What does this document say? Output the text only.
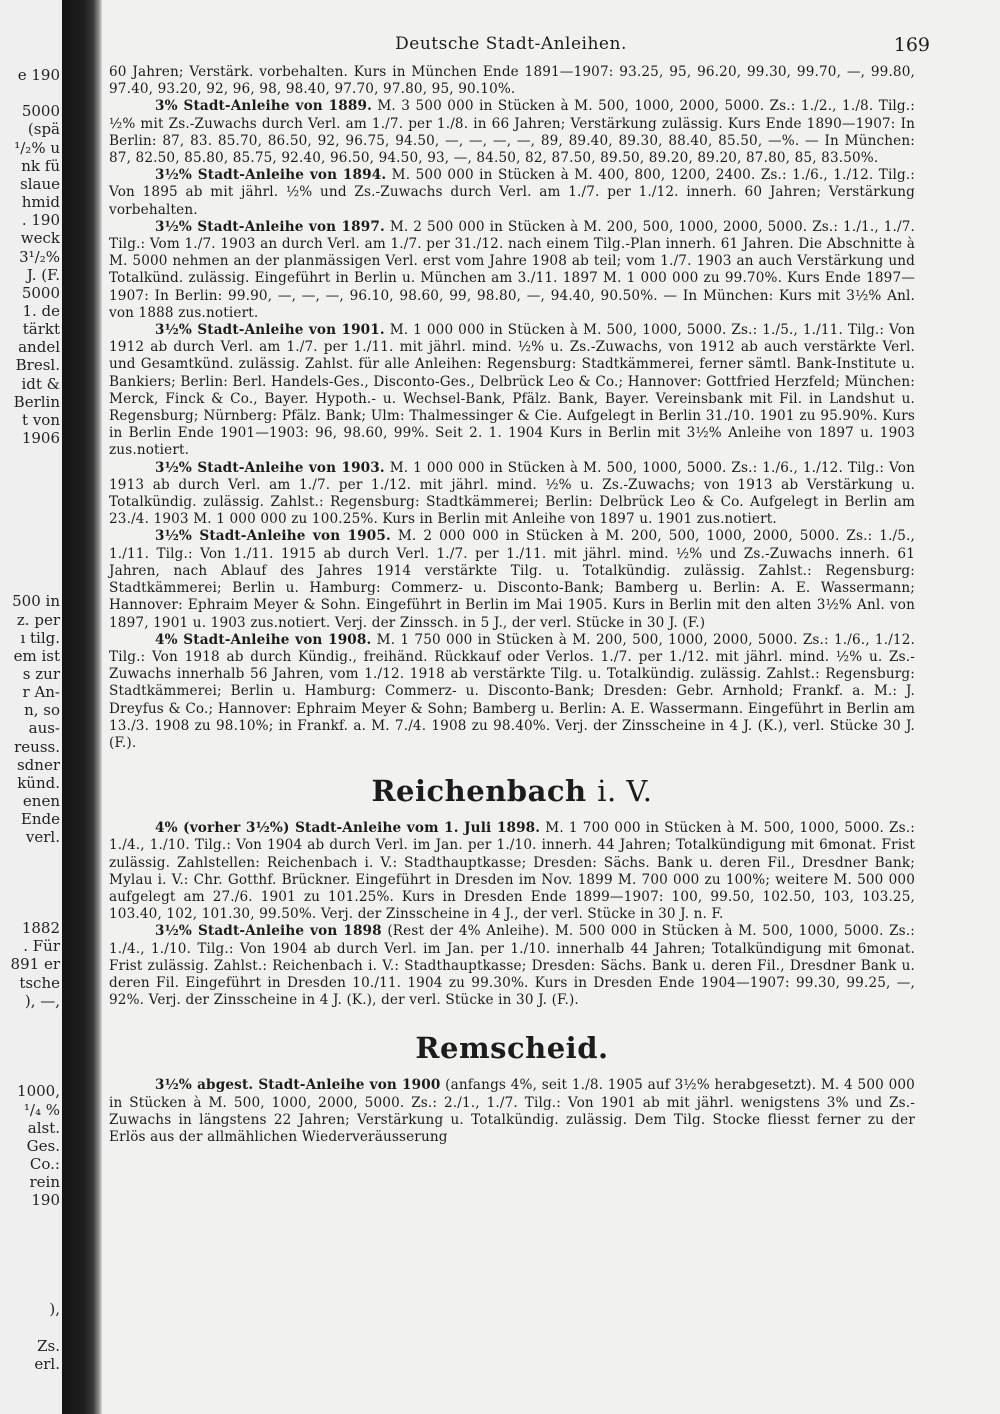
e 190
5000
(spä
¹/₂% u
nk fü
slaue
hmid
. 190
weck
3¹/₂%
J. (F.
5000
1. de
tärkt
andel
Bresl.
idt &
Berlin
t von
1906
500 in
z. per
ı tilg.
em ist
s zur
r An-
n, so
aus-
reuss.
sdner
künd.
enen
Ende
verl.
1882
. Für
891 er
tsche
), —,
1000,
¹/₄ %
alst.
Ges.
Co.:
rein
190
),
Zs.
erl.
Deutsche Stadt-Anleihen.	169

60 Jahren; Verstärk. vorbehalten. Kurs in München Ende 1891—1907: 93.25, 95, 96.20, 99.30, 99.70, —, 99.80, 97.40, 93.20, 92, 96, 98, 98.40, 97.70, 97.80, 95, 90.10%.

3% Stadt-Anleihe von 1889. M. 3 500 000 in Stücken à M. 500, 1000, 2000, 5000. Zs.: 1./2., 1./8. Tilg.: ½% mit Zs.-Zuwachs durch Verl. am 1./7. per 1./8. in 66 Jahren; Verstärkung zulässig. Kurs Ende 1890—1907: In Berlin: 87, 83. 85.70, 86.50, 92, 96.75, 94.50, —, —, —, —, 89, 89.40, 89.30, 88.40, 85.50, —%. — In München: 87, 82.50, 85.80, 85.75, 92.40, 96.50, 94.50, 93, —, 84.50, 82, 87.50, 89.50, 89.20, 89.20, 87.80, 85, 83.50%.

3½% Stadt-Anleihe von 1894. M. 500 000 in Stücken à M. 400, 800, 1200, 2400. Zs.: 1./6., 1./12. Tilg.: Von 1895 ab mit jährl. ½% und Zs.-Zuwachs durch Verl. am 1./7. per 1./12. innerh. 60 Jahren; Verstärkung vorbehalten.

3½% Stadt-Anleihe von 1897. M. 2 500 000 in Stücken à M. 200, 500, 1000, 2000, 5000. Zs.: 1./1., 1./7. Tilg.: Vom 1./7. 1903 an durch Verl. am 1./7. per 31./12. nach einem Tilg.-Plan innerh. 61 Jahren. Die Abschnitte à M. 5000 nehmen an der planmässigen Verl. erst vom Jahre 1908 ab teil; vom 1./7. 1903 an auch Verstärkung und Totalkünd. zulässig. Eingeführt in Berlin u. München am 3./11. 1897 M. 1 000 000 zu 99.70%. Kurs Ende 1897—1907: In Berlin: 99.90, —, —, —, 96.10, 98.60, 99, 98.80, —, 94.40, 90.50%. — In München: Kurs mit 3½% Anl. von 1888 zus.notiert.

3½% Stadt-Anleihe von 1901. M. 1 000 000 in Stücken à M. 500, 1000, 5000. Zs.: 1./5., 1./11. Tilg.: Von 1912 ab durch Verl. am 1./7. per 1./11. mit jährl. mind. ½% u. Zs.-Zuwachs, von 1912 ab auch verstärkte Verl. und Gesamtkünd. zulässig. Zahlst. für alle Anleihen: Regensburg: Stadtkämmerei, ferner sämtl. Bank-Institute u. Bankiers; Berlin: Berl. Handels-Ges., Disconto-Ges., Delbrück Leo & Co.; Hannover: Gottfried Herzfeld; München: Merck, Finck & Co., Bayer. Hypoth.- u. Wechsel-Bank, Pfälz. Bank, Bayer. Vereinsbank mit Fil. in Landshut u. Regensburg; Nürnberg: Pfälz. Bank; Ulm: Thalmessinger & Cie. Aufgelegt in Berlin 31./10. 1901 zu 95.90%. Kurs in Berlin Ende 1901—1903: 96, 98.60, 99%. Seit 2. 1. 1904 Kurs in Berlin mit 3½% Anleihe von 1897 u. 1903 zus.notiert.

3½% Stadt-Anleihe von 1903. M. 1 000 000 in Stücken à M. 500, 1000, 5000. Zs.: 1./6., 1./12. Tilg.: Von 1913 ab durch Verl. am 1./7. per 1./12. mit jährl. mind. ½% u. Zs.-Zuwachs; von 1913 ab Verstärkung u. Totalkündig. zulässig. Zahlst.: Regensburg: Stadtkämmerei; Berlin: Delbrück Leo & Co. Aufgelegt in Berlin am 23./4. 1903 M. 1 000 000 zu 100.25%. Kurs in Berlin mit Anleihe von 1897 u. 1901 zus.notiert.

3½% Stadt-Anleihe von 1905. M. 2 000 000 in Stücken à M. 200, 500, 1000, 2000, 5000. Zs.: 1./5., 1./11. Tilg.: Von 1./11. 1915 ab durch Verl. 1./7. per 1./11. mit jährl. mind. ½% und Zs.-Zuwachs innerh. 61 Jahren, nach Ablauf des Jahres 1914 verstärkte Tilg. u. Totalkündig. zulässig. Zahlst.: Regensburg: Stadtkämmerei; Berlin u. Hamburg: Commerz- u. Disconto-Bank; Bamberg u. Berlin: A. E. Wassermann; Hannover: Ephraim Meyer & Sohn. Eingeführt in Berlin im Mai 1905. Kurs in Berlin mit den alten 3½% Anl. von 1897, 1901 u. 1903 zus.notiert. Verj. der Zinssch. in 5 J., der verl. Stücke in 30 J. (F.)

4% Stadt-Anleihe von 1908. M. 1 750 000 in Stücken à M. 200, 500, 1000, 2000, 5000. Zs.: 1./6., 1./12. Tilg.: Von 1918 ab durch Kündig., freihänd. Rückkauf oder Verlos. 1./7. per 1./12. mit jährl. mind. ½% u. Zs.-Zuwachs innerhalb 56 Jahren, vom 1./12. 1918 ab verstärkte Tilg. u. Totalkündig. zulässig. Zahlst.: Regensburg: Stadtkämmerei; Berlin u. Hamburg: Commerz- u. Disconto-Bank; Dresden: Gebr. Arnhold; Frankf. a. M.: J. Dreyfus & Co.; Hannover: Ephraim Meyer & Sohn; Bamberg u. Berlin: A. E. Wassermann. Eingeführt in Berlin am 13./3. 1908 zu 98.10%; in Frankf. a. M. 7./4. 1908 zu 98.40%. Verj. der Zinsscheine in 4 J. (K.), verl. Stücke 30 J. (F.).

Reichenbach i. V.

4% (vorher 3½%) Stadt-Anleihe vom 1. Juli 1898. M. 1 700 000 in Stücken à M. 500, 1000, 5000. Zs.: 1./4., 1./10. Tilg.: Von 1904 ab durch Verl. im Jan. per 1./10. innerh. 44 Jahren; Totalkündigung mit 6monat. Frist zulässig. Zahlstellen: Reichenbach i. V.: Stadthauptkasse; Dresden: Sächs. Bank u. deren Fil., Dresdner Bank; Mylau i. V.: Chr. Gotthf. Brückner. Eingeführt in Dresden im Nov. 1899 M. 700 000 zu 100%; weitere M. 500 000 aufgelegt am 27./6. 1901 zu 101.25%. Kurs in Dresden Ende 1899—1907: 100, 99.50, 102.50, 103, 103.25, 103.40, 102, 101.30, 99.50%. Verj. der Zinsscheine in 4 J., der verl. Stücke in 30 J. n. F.

3½% Stadt-Anleihe von 1898 (Rest der 4% Anleihe). M. 500 000 in Stücken à M. 500, 1000, 5000. Zs.: 1./4., 1./10. Tilg.: Von 1904 ab durch Verl. im Jan. per 1./10. innerhalb 44 Jahren; Totalkündigung mit 6monat. Frist zulässig. Zahlst.: Reichenbach i. V.: Stadthauptkasse; Dresden: Sächs. Bank u. deren Fil., Dresdner Bank u. deren Fil. Eingeführt in Dresden 10./11. 1904 zu 99.30%. Kurs in Dresden Ende 1904—1907: 99.30, 99.25, —, 92%. Verj. der Zinsscheine in 4 J. (K.), der verl. Stücke in 30 J. (F.).

Remscheid.

3½% abgest. Stadt-Anleihe von 1900 (anfangs 4%, seit 1./8. 1905 auf 3½% herabgesetzt). M. 4 500 000 in Stücken à M. 500, 1000, 2000, 5000. Zs.: 2./1., 1./7. Tilg.: Von 1901 ab mit jährl. wenigstens 3% und Zs.-Zuwachs in längstens 22 Jahren; Verstärkung u. Totalkündig. zulässig. Dem Tilg. Stocke fliesst ferner zu der Erlös aus der allmählichen Wiederveräusserung
